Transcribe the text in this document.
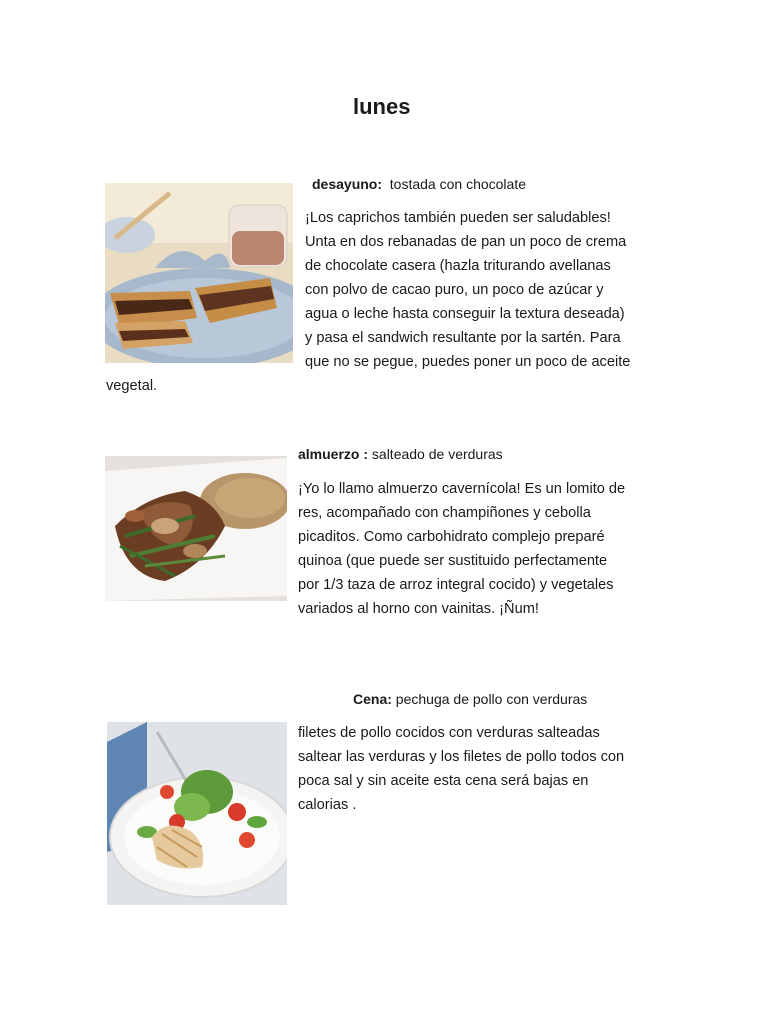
lunes
desayuno: tostada con chocolate

¡Los caprichos también pueden ser saludables!

Unta en dos rebanadas de pan un poco de crema

de chocolate casera (hazla triturando avellanas

con polvo de cacao puro, un poco de azúcar y

agua o leche hasta conseguir la textura deseada)

y pasa el sandwich resultante por la sartén. Para

que no se pegue, puedes poner un poco de aceite

vegetal.

almuerzo : salteado de verduras

¡Yo lo llamo almuerzo cavernícola! Es un lomito de

res, acompañado con champiñones y cebolla

picaditos. Como carbohidrato complejo preparé

quinoa (que puede ser sustituido perfectamente

por 1/3 taza de arroz integral cocido) y vegetales

variados al horno con vainitas. ¡Ñum!

Cena: pechuga de pollo con verduras

filetes de pollo cocidos con verduras salteadas

saltear las verduras y los filetes de pollo todos con

poca sal y sin aceite esta cena será bajas en

calorias .
